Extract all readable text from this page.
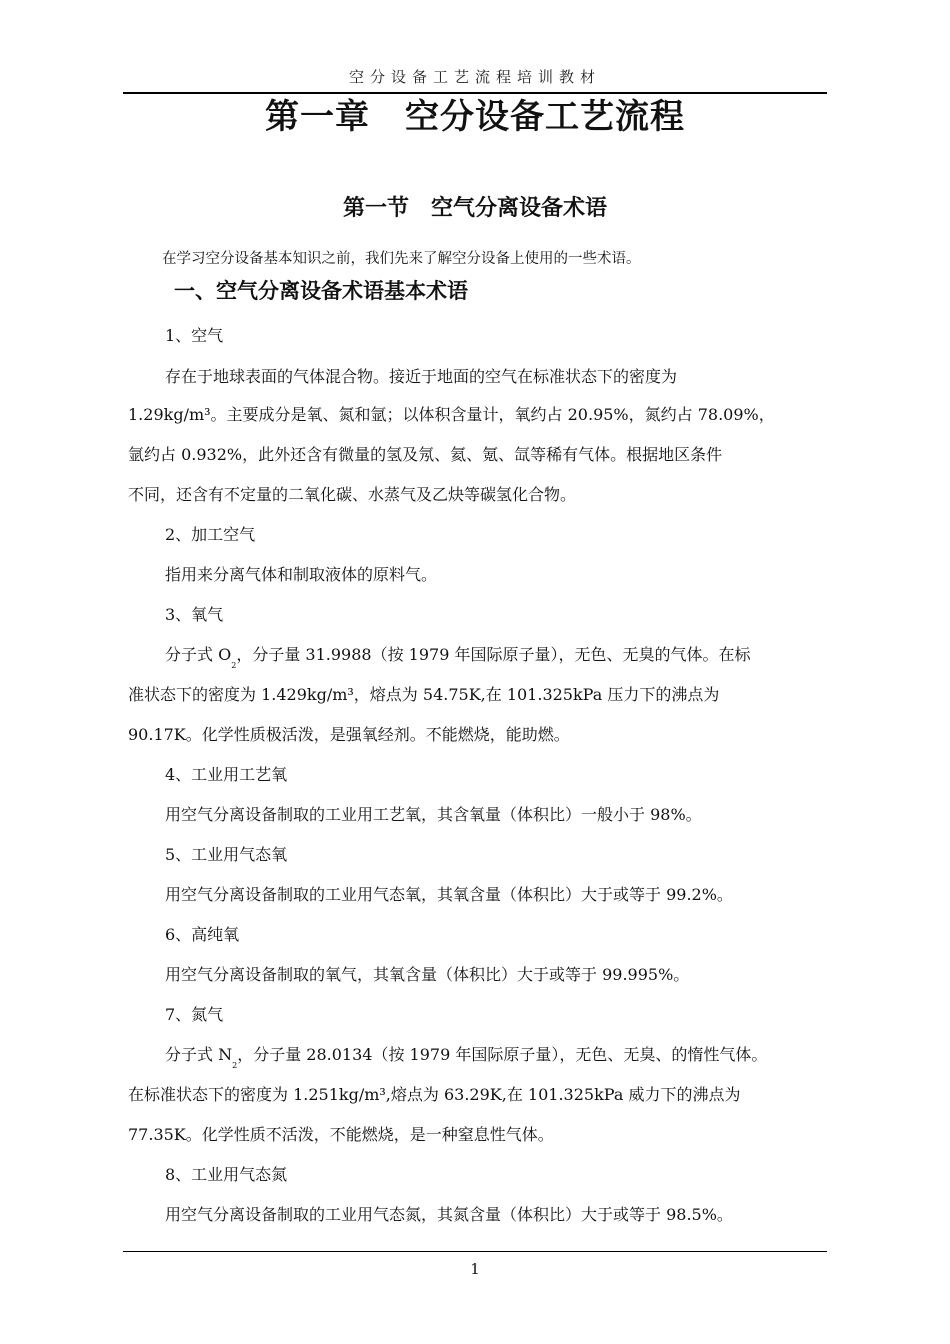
空分设备工艺流程培训教材
第一章　空分设备工艺流程
第一节　空气分离设备术语
在学习空分设备基本知识之前，我们先来了解空分设备上使用的一些术语。
一、空气分离设备术语基本术语
1、空气
存在于地球表面的气体混合物。接近于地面的空气在标准状态下的密度为
1.29kg/m³。主要成分是氧、氮和氩；以体积含量计，氧约占 20.95%，氮约占 78.09%，
氩约占 0.932%，此外还含有微量的氢及氖、氦、氪、氙等稀有气体。根据地区条件
不同，还含有不定量的二氧化碳、水蒸气及乙炔等碳氢化合物。
2、加工空气
指用来分离气体和制取液体的原料气。
3、氧气
分子式 $O_2$，分子量 31.9988（按 1979 年国际原子量），无色、无臭的气体。在标
准状态下的密度为 1.429kg/m³，熔点为 54.75K,在 101.325kPa 压力下的沸点为
90.17K。化学性质极活泼，是强氧经剂。不能燃烧，能助燃。
4、工业用工艺氧
用空气分离设备制取的工业用工艺氧，其含氧量（体积比）一般小于 98%。
5、工业用气态氧
用空气分离设备制取的工业用气态氧，其氧含量（体积比）大于或等于 99.2%。
6、高纯氧
用空气分离设备制取的氧气，其氧含量（体积比）大于或等于 99.995%。
7、氮气
分子式 $N_2$，分子量 28.0134（按 1979 年国际原子量），无色、无臭、的惰性气体。
在标准状态下的密度为 1.251kg/m³,熔点为 63.29K,在 101.325kPa 威力下的沸点为
77.35K。化学性质不活泼，不能燃烧，是一种窒息性气体。
8、工业用气态氮
用空气分离设备制取的工业用气态氮，其氮含量（体积比）大于或等于 98.5%。
1
